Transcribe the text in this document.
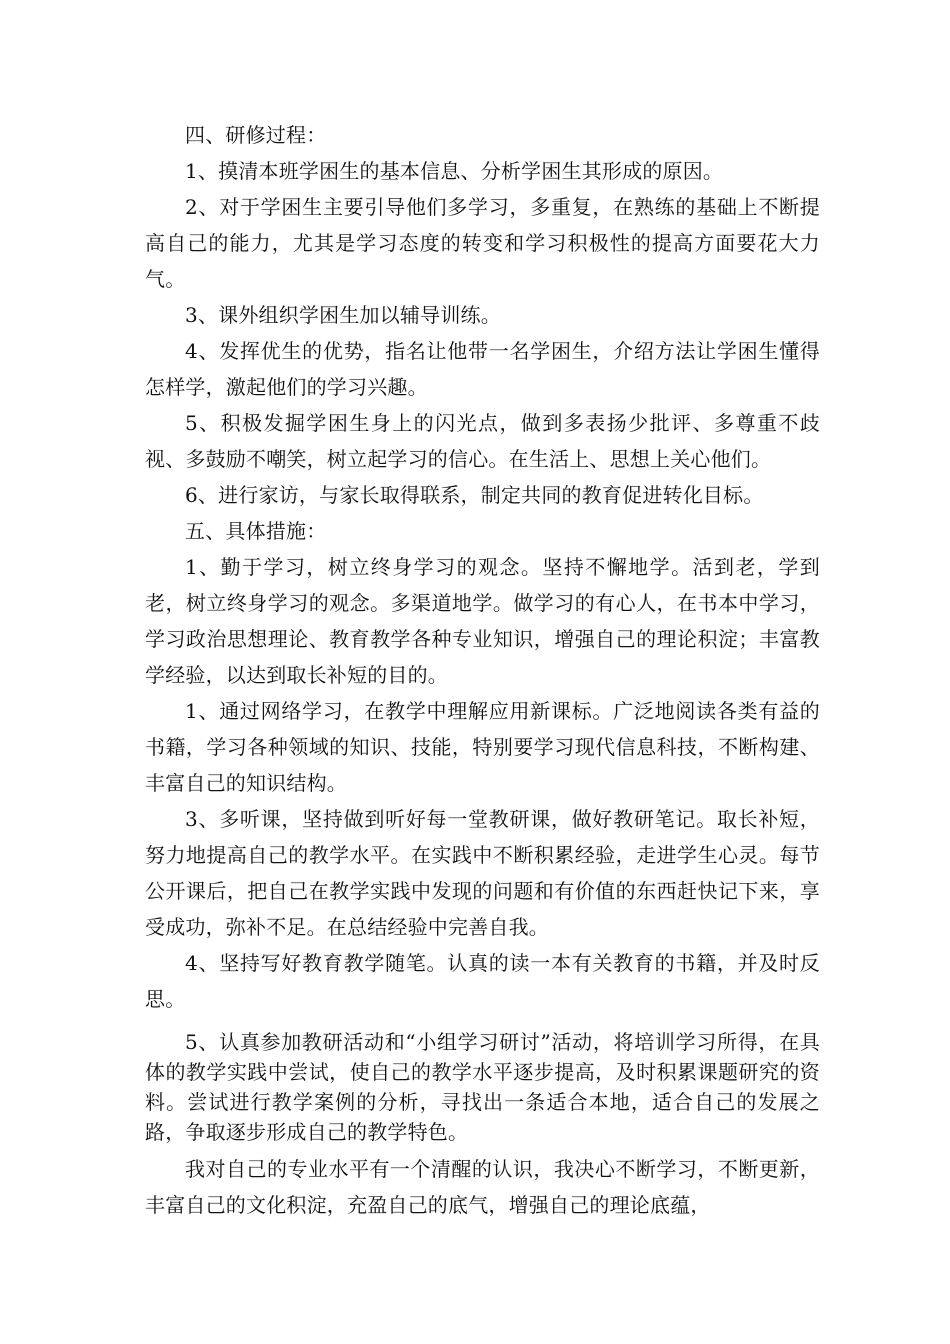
四、研修过程：

1、摸清本班学困生的基本信息、分析学困生其形成的原因。

2、对于学困生主要引导他们多学习，多重复，在熟练的基础上不断提高自己的能力，尤其是学习态度的转变和学习积极性的提高方面要花大力气。

3、课外组织学困生加以辅导训练。

4、发挥优生的优势，指名让他带一名学困生，介绍方法让学困生懂得怎样学，激起他们的学习兴趣。

5、积极发掘学困生身上的闪光点，做到多表扬少批评、多尊重不歧视、多鼓励不嘲笑，树立起学习的信心。在生活上、思想上关心他们。

6、进行家访，与家长取得联系，制定共同的教育促进转化目标。

五、具体措施：

1、勤于学习，树立终身学习的观念。坚持不懈地学。活到老，学到老，树立终身学习的观念。多渠道地学。做学习的有心人，在书本中学习，学习政治思想理论、教育教学各种专业知识，增强自己的理论积淀；丰富教学经验，以达到取长补短的目的。

1、通过网络学习，在教学中理解应用新课标。广泛地阅读各类有益的书籍，学习各种领域的知识、技能，特别要学习现代信息科技，不断构建、丰富自己的知识结构。

3、多听课，坚持做到听好每一堂教研课，做好教研笔记。取长补短，努力地提高自己的教学水平。在实践中不断积累经验，走进学生心灵。每节公开课后，把自己在教学实践中发现的问题和有价值的东西赶快记下来，享受成功，弥补不足。在总结经验中完善自我。

4、坚持写好教育教学随笔。认真的读一本有关教育的书籍，并及时反思。

5、认真参加教研活动和“小组学习研讨”活动，将培训学习所得，在具体的教学实践中尝试，使自己的教学水平逐步提高，及时积累课题研究的资料。尝试进行教学案例的分析，寻找出一条适合本地，适合自己的发展之路，争取逐步形成自己的教学特色。

我对自己的专业水平有一个清醒的认识，我决心不断学习，不断更新，丰富自己的文化积淀，充盈自己的底气，增强自己的理论底蕴，
